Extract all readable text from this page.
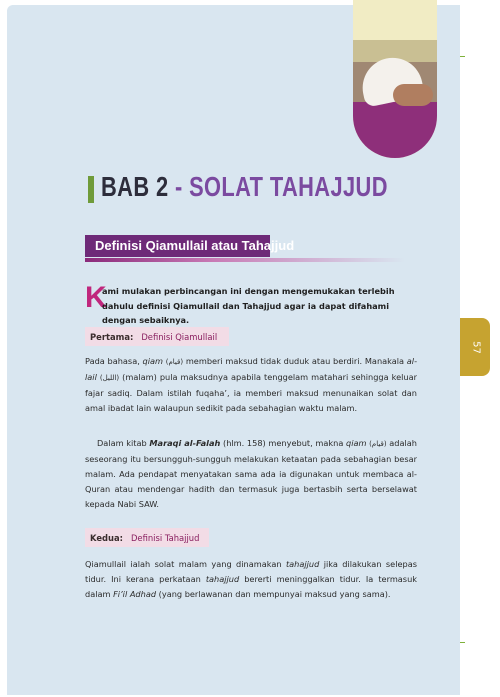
57
BAB 2 - SOLAT TAHAJJUD
Definisi Qiamullail atau Tahajjud
K
ami mulakan perbincangan ini dengan mengemukakan terlebih dahulu definisi Qiamullail dan Tahajjud agar ia dapat difahami dengan sebaiknya.
Pertama: Definisi Qiamullail
Pada bahasa, qiam (قيام) memberi maksud tidak duduk atau berdiri. Manakala al-lail (الليل) (malam) pula maksudnya apabila tenggelam matahari sehingga keluar fajar sadiq. Dalam istilah fuqaha’, ia memberi maksud menunaikan solat dan amal ibadat lain walaupun sedikit pada sebahagian waktu malam.
Dalam kitab Maraqi al-Falah (hlm. 158) menyebut, makna qiam (قيام) adalah seseorang itu bersungguh-sungguh melakukan ketaatan pada sebahagian besar malam. Ada pendapat menyatakan sama ada ia digunakan untuk membaca al-Quran atau mendengar hadith dan termasuk juga bertasbih serta berselawat kepada Nabi SAW.
Kedua: Definisi Tahajjud
Qiamullail ialah solat malam yang dinamakan tahajjud jika dilakukan selepas tidur. Ini kerana perkataan tahajjud bererti meninggalkan tidur. Ia termasuk dalam Fi’il Adhad (yang berlawanan dan mempunyai maksud yang sama).
